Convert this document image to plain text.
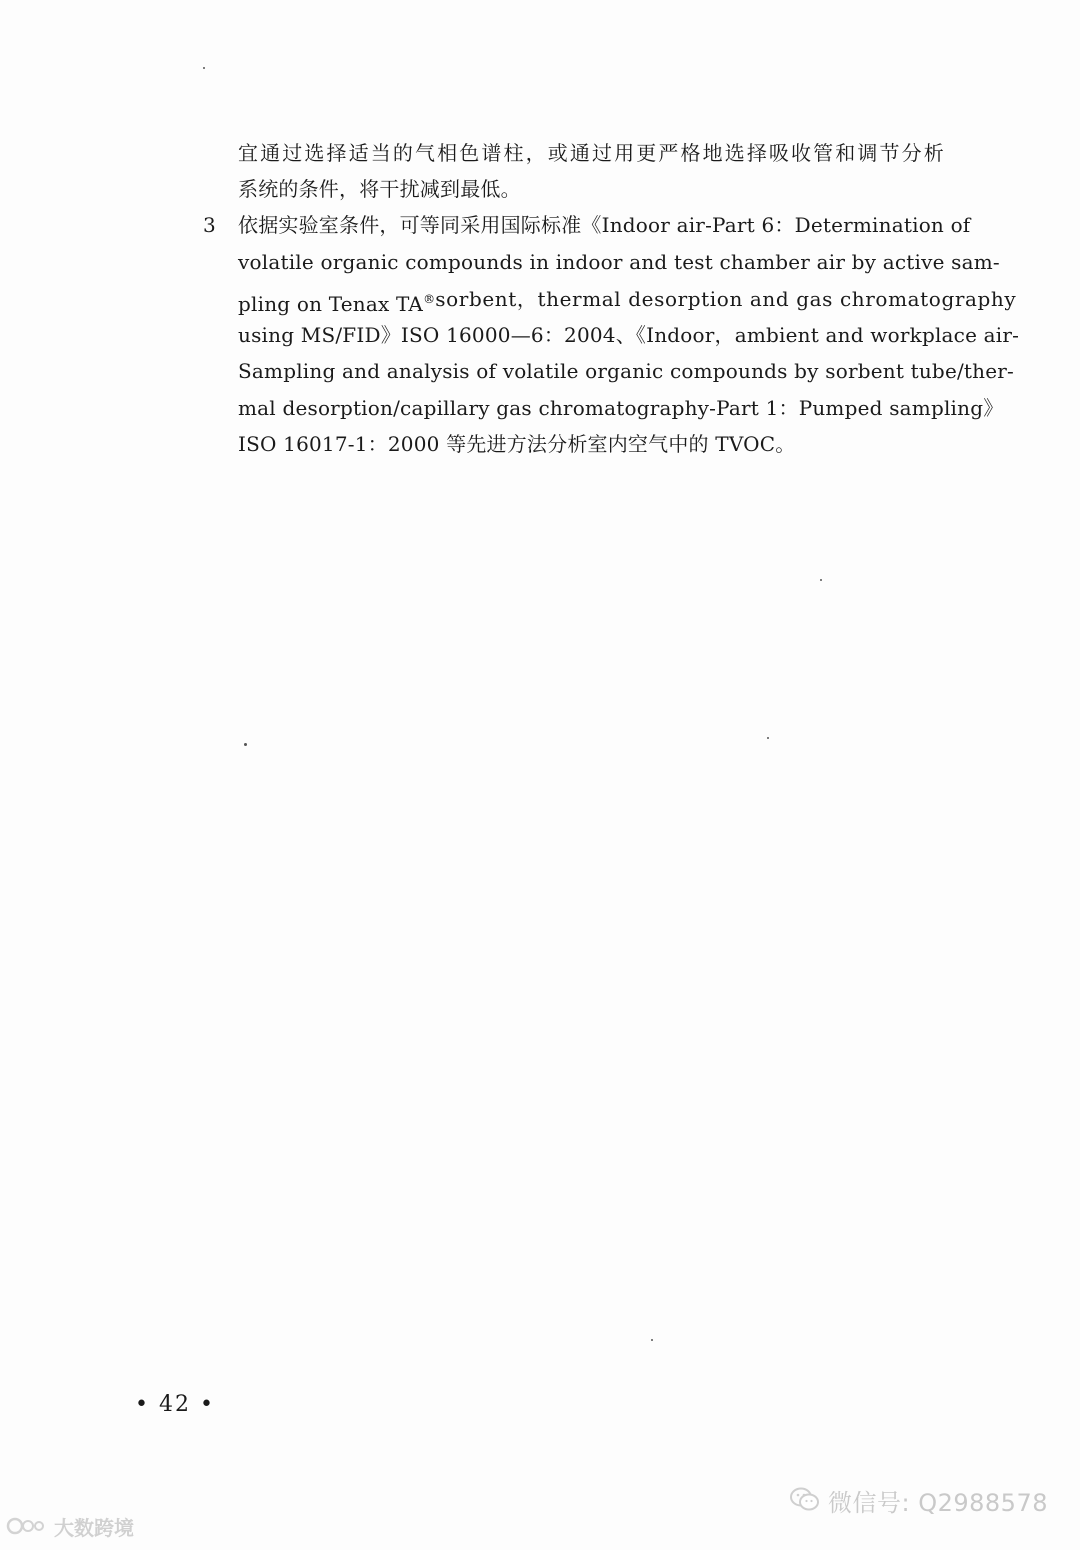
宜通过选择适当的气相色谱柱，或通过用更严格地选择吸收管和调节分析
系统的条件，将干扰减到最低。
3 依据实验室条件，可等同采用国际标准《Indoor air-Part 6：Determination of
volatile organic compounds in indoor and test chamber air by active sam-
pling on Tenax TA® sorbent，thermal desorption and gas chromatography
using MS/FID》ISO 16000—6：2004、《Indoor，ambient and workplace air-
Sampling and analysis of volatile organic compounds by sorbent tube/ther-
mal desorption/capillary gas chromatography-Part 1：Pumped sampling》
ISO 16017-1：2000 等先进方法分析室内空气中的 TVOC。
• 42 •
微信号: Q2988578
大数跨境
